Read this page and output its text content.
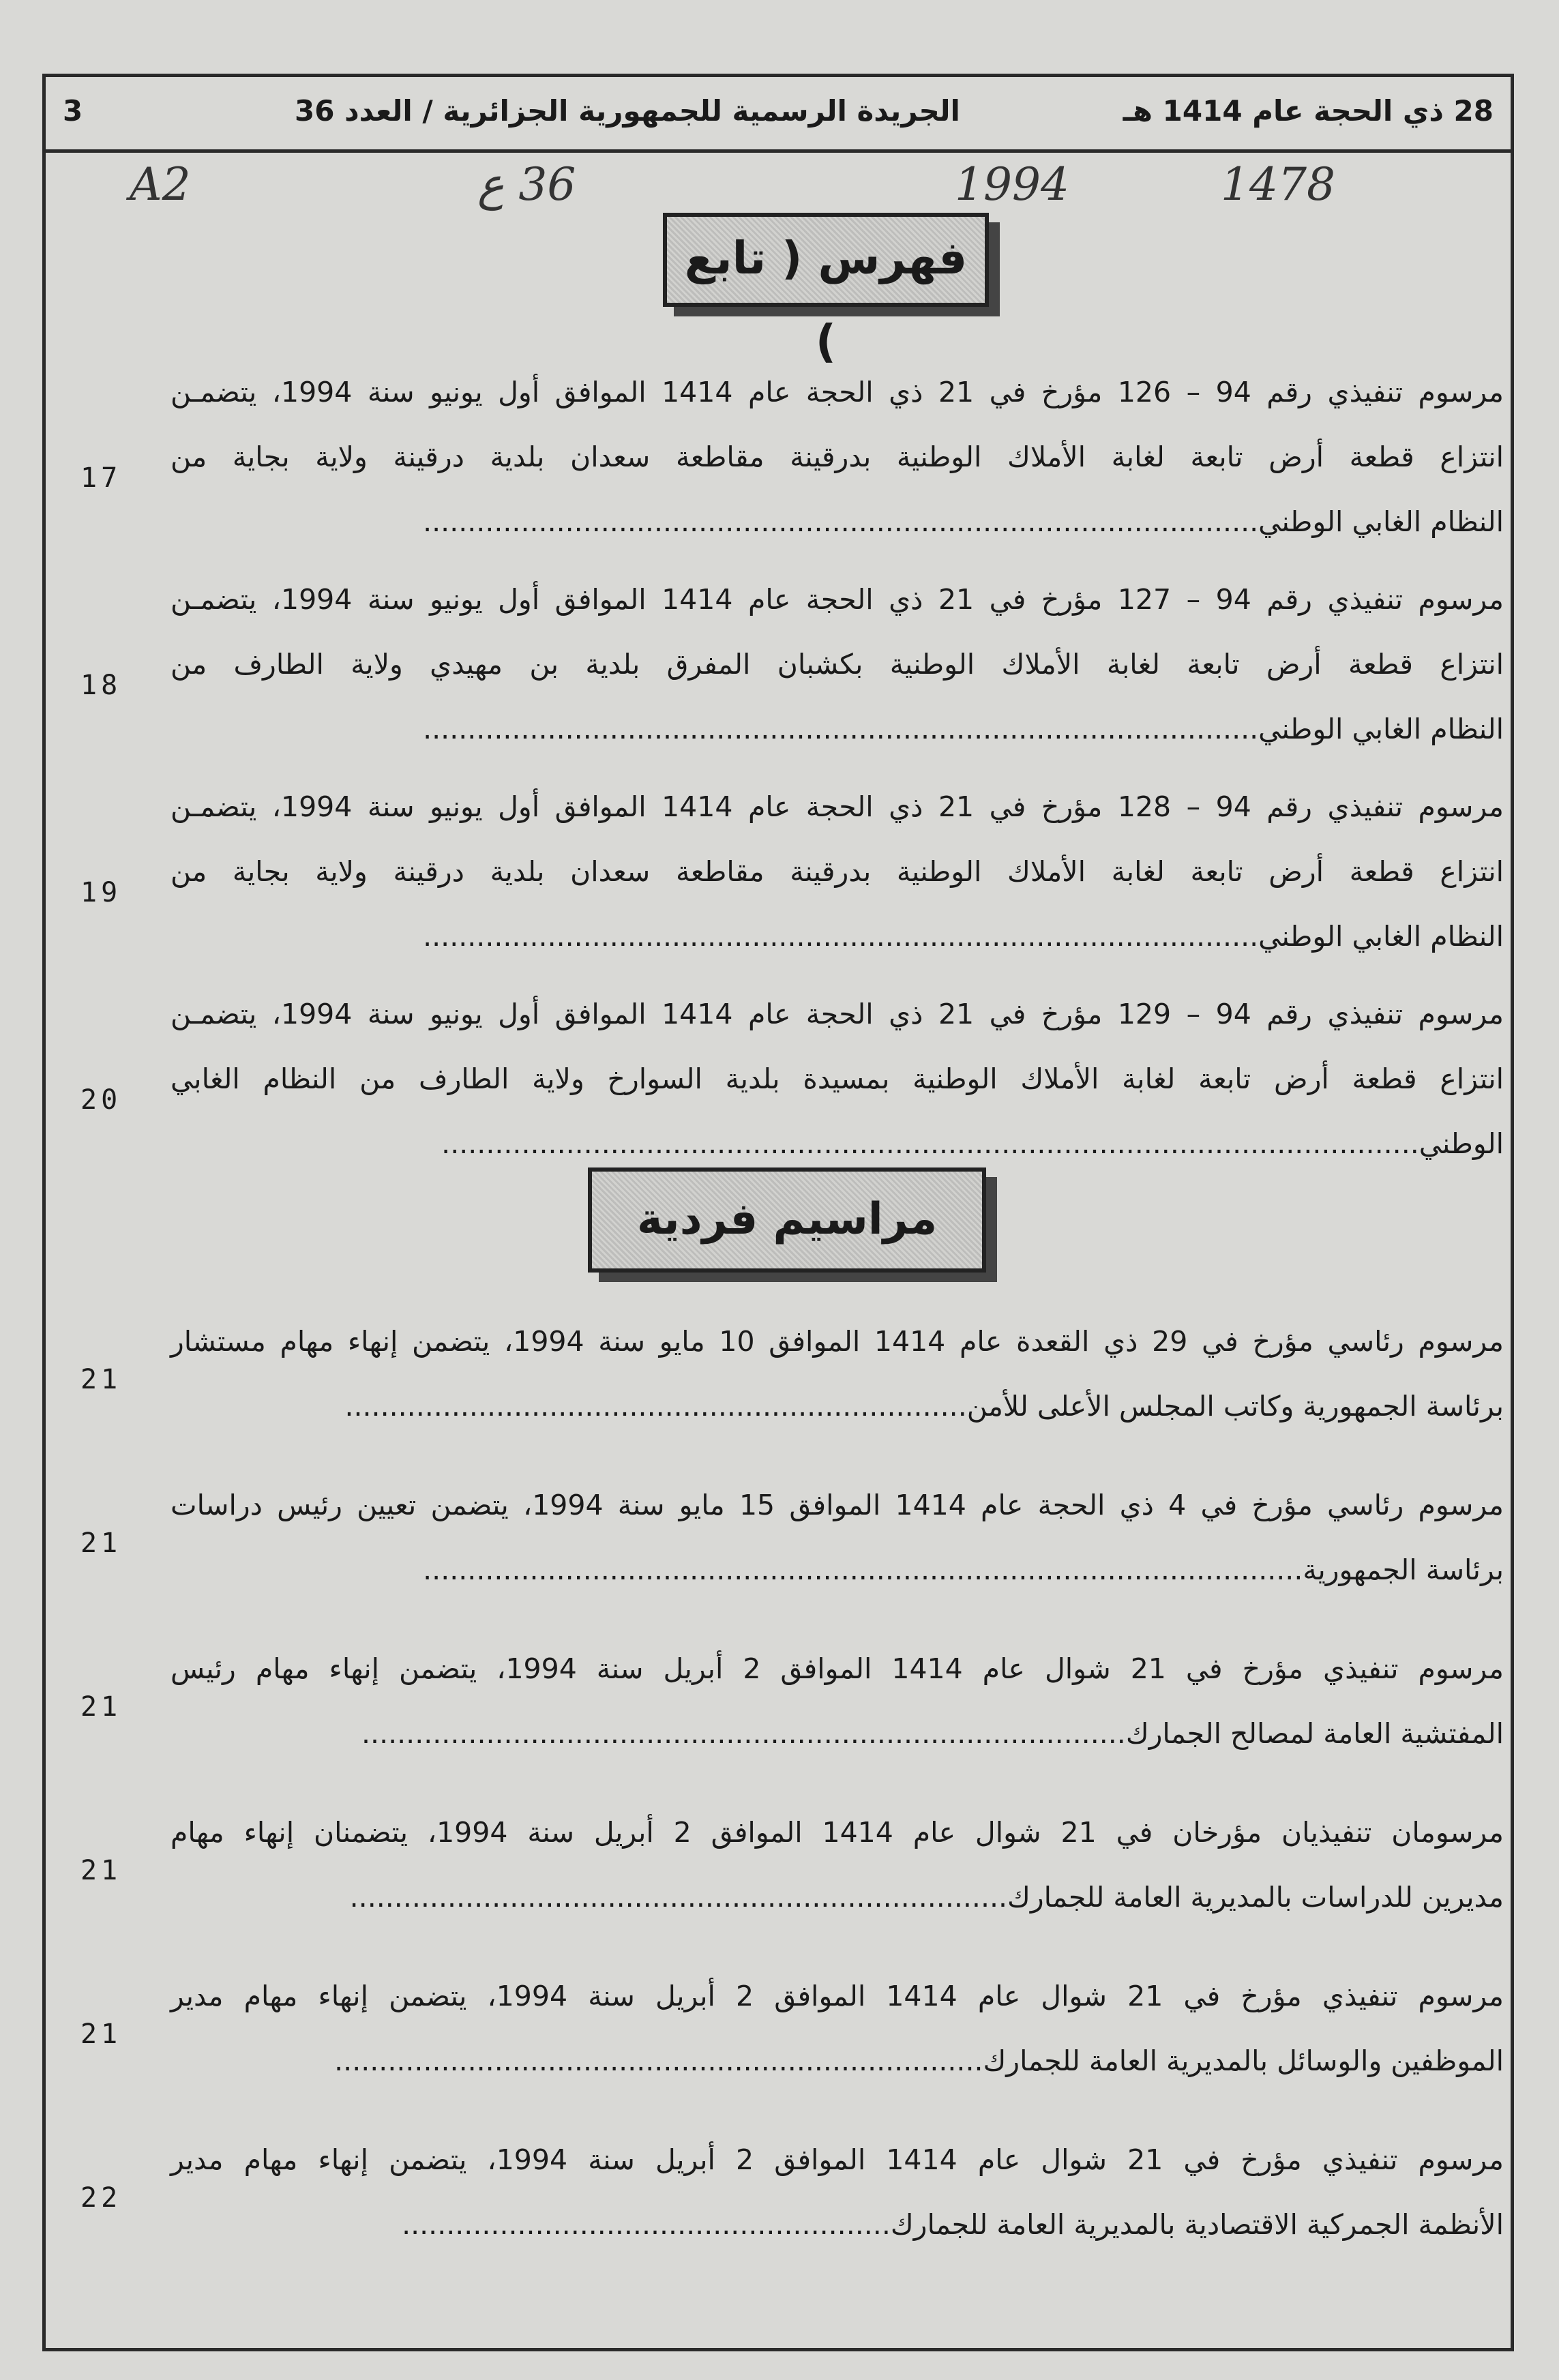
3	الجريدة الرسمية للجمهورية الجزائرية / العدد 36	28 ذي الحجة عام 1414 هـ
A2	36 ع	1994	1478
فهرس ( تابع )
مراسيم فردية
مرسوم تنفيذي رقم 94 – 126 مؤرخ في 21 ذي الحجة عام 1414 الموافق أول يونيو سنة 1994، يتضمـن
انتزاع قطعة أرض تابعة لغابة الأملاك الوطنية بدرقينة مقاطعة سعدان بلدية درقينة ولاية بجاية من
النظام الغابي الوطني..............................................................................................
17
مرسوم تنفيذي رقم 94 – 127 مؤرخ في 21 ذي الحجة عام 1414 الموافق أول يونيو سنة 1994، يتضمـن
انتزاع قطعة أرض تابعة لغابة الأملاك الوطنية بكشبان المفرق بلدية بن مهيدي ولاية الطارف من
النظام الغابي الوطني..............................................................................................
18
مرسوم تنفيذي رقم 94 – 128 مؤرخ في 21 ذي الحجة عام 1414 الموافق أول يونيو سنة 1994، يتضمـن
انتزاع قطعة أرض تابعة لغابة الأملاك الوطنية بدرقينة مقاطعة سعدان بلدية درقينة ولاية بجاية من
النظام الغابي الوطني..............................................................................................
19
مرسوم تنفيذي رقم 94 – 129 مؤرخ في 21 ذي الحجة عام 1414 الموافق أول يونيو سنة 1994، يتضمـن
انتزاع قطعة أرض تابعة لغابة الأملاك الوطنية بمسيدة بلدية السوارخ ولاية الطارف من النظام الغابي
الوطني..............................................................................................................
20
مرسوم رئاسي مؤرخ في 29 ذي القعدة عام 1414 الموافق 10 مايو سنة 1994، يتضمن إنهاء مهام مستشار
برئاسة الجمهورية وكاتب المجلس الأعلى للأمن......................................................................
21
مرسوم رئاسي مؤرخ في 4 ذي الحجة عام 1414 الموافق 15 مايو سنة 1994، يتضمن تعيين رئيس دراسات
برئاسة الجمهورية...................................................................................................
21
مرسوم تنفيذي مؤرخ في 21 شوال عام 1414 الموافق 2 أبريل سنة 1994، يتضمن إنهاء مهام رئيس
المفتشية العامة لمصالح الجمارك......................................................................................
21
مرسومان تنفيذيان مؤرخان في 21 شوال عام 1414 الموافق 2 أبريل سنة 1994، يتضمنان إنهاء مهام
مديرين للدراسات بالمديرية العامة للجمارك..........................................................................
21
مرسوم تنفيذي مؤرخ في 21 شوال عام 1414 الموافق 2 أبريل سنة 1994، يتضمن إنهاء مهام مدير
الموظفين والوسائل بالمديرية العامة للجمارك.........................................................................
21
مرسوم تنفيذي مؤرخ في 21 شوال عام 1414 الموافق 2 أبريل سنة 1994، يتضمن إنهاء مهام مدير
الأنظمة الجمركية الاقتصادية بالمديرية العامة للجمارك.......................................................
22
